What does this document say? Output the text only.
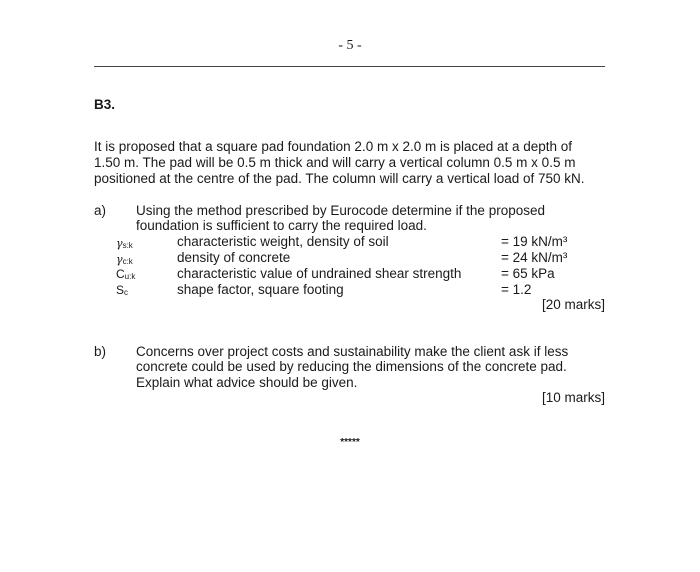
- 5 -
B3.
It is proposed that a square pad foundation 2.0 m x 2.0 m is placed at a depth of
1.50 m. The pad will be 0.5 m thick and will carry a vertical column 0.5 m x 0.5 m
positioned at the centre of the pad. The column will carry a vertical load of 750 kN.
a) Using the method prescribed by Eurocode determine if the proposed
foundation is sufficient to carry the required load.
$\gamma_{s:k}$	characteristic weight, density of soil	= 19 kN/m³
$\gamma_{c:k}$	density of concrete	= 24 kN/m³
$C_{u:k}$	characteristic value of undrained shear strength	= 65 kPa
$S_c$	shape factor, square footing	= 1.2
[20 marks]
b) Concerns over project costs and sustainability make the client ask if less
concrete could be used by reducing the dimensions of the concrete pad.
Explain what advice should be given.
[10 marks]
*****
